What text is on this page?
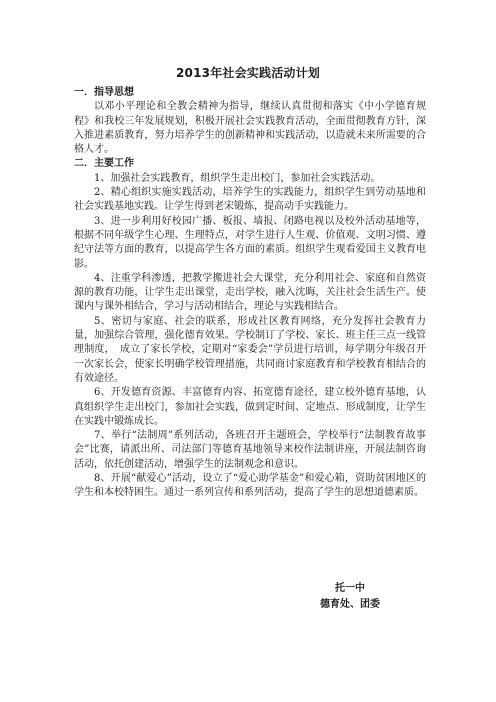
2013年社会实践活动计划

一．指导思想

以邓小平理论和全教会精神为指导，继续认真贯彻和落实《中小学德育规程》和我校三年发展规划，积极开展社会实践教育活动，全面贯彻教育方针，深入推进素质教育，努力培养学生的创新精神和实践活动，以造就未来所需要的合格人才。

二．主要工作

1、加强社会实践教育，组织学生走出校门，参加社会实践活动。

2、精心组织实施实践活动，培养学生的实践能力，组织学生到劳动基地和社会实践基地实践。让学生得到老宋锻炼，提高动手实践能力。

3、进一步利用好校园广播、板报、墙报、闭路电视以及校外活动基地等，根据不同年级学生心理、生理特点，对学生进行人生观、价值观、文明习惯、遵纪守法等方面的教育，以提高学生各方面的素质。组织学生观看爱国主义教育电影。

4、注重学科渗透，把教学搬进社会大课堂，充分利用社会、家庭和自然资源的教育功能，让学生走出课堂，走出学校，融入沈晦，关注社会生活生产。使课内与课外相结合，学习与活动相结合，理论与实践相结合。

5、密切与家庭、社会的联系，形成社区教育网络，充分发挥社会教育力量，加强综合管理，强化德育效果。学校制订了学校、家长、班主任三点一线管理制度，　成立了家长学校，定期对“家委会”学员进行培训，每学期分年级召开一次家长会，使家长明确学校管理措施，共同商讨家庭教育和学校教育相结合的有效途径。

6、开发德育资源、丰富德育内容、拓宽德育途径，建立校外德育基地，认真组织学生走出校门，参加社会实践，做到定时间、定地点、形成制度，让学生在实践中锻炼成长。

7、举行“法制周”系列活动，各班召开主题班会，学校举行“法制教育故事会”比赛，请派出所、司法部门等德育基地领导来校作法制讲座，开展法制咨询活动，依托创建活动，增强学生的法制观念和意识。

8、开展“献爱心”活动，设立了“爱心助学基金”和爱心箱，资助贫困地区的学生和本校特困生。通过一系列宣传和系列活动，提高了学生的思想道德素质。

托一中
德育处、团委
